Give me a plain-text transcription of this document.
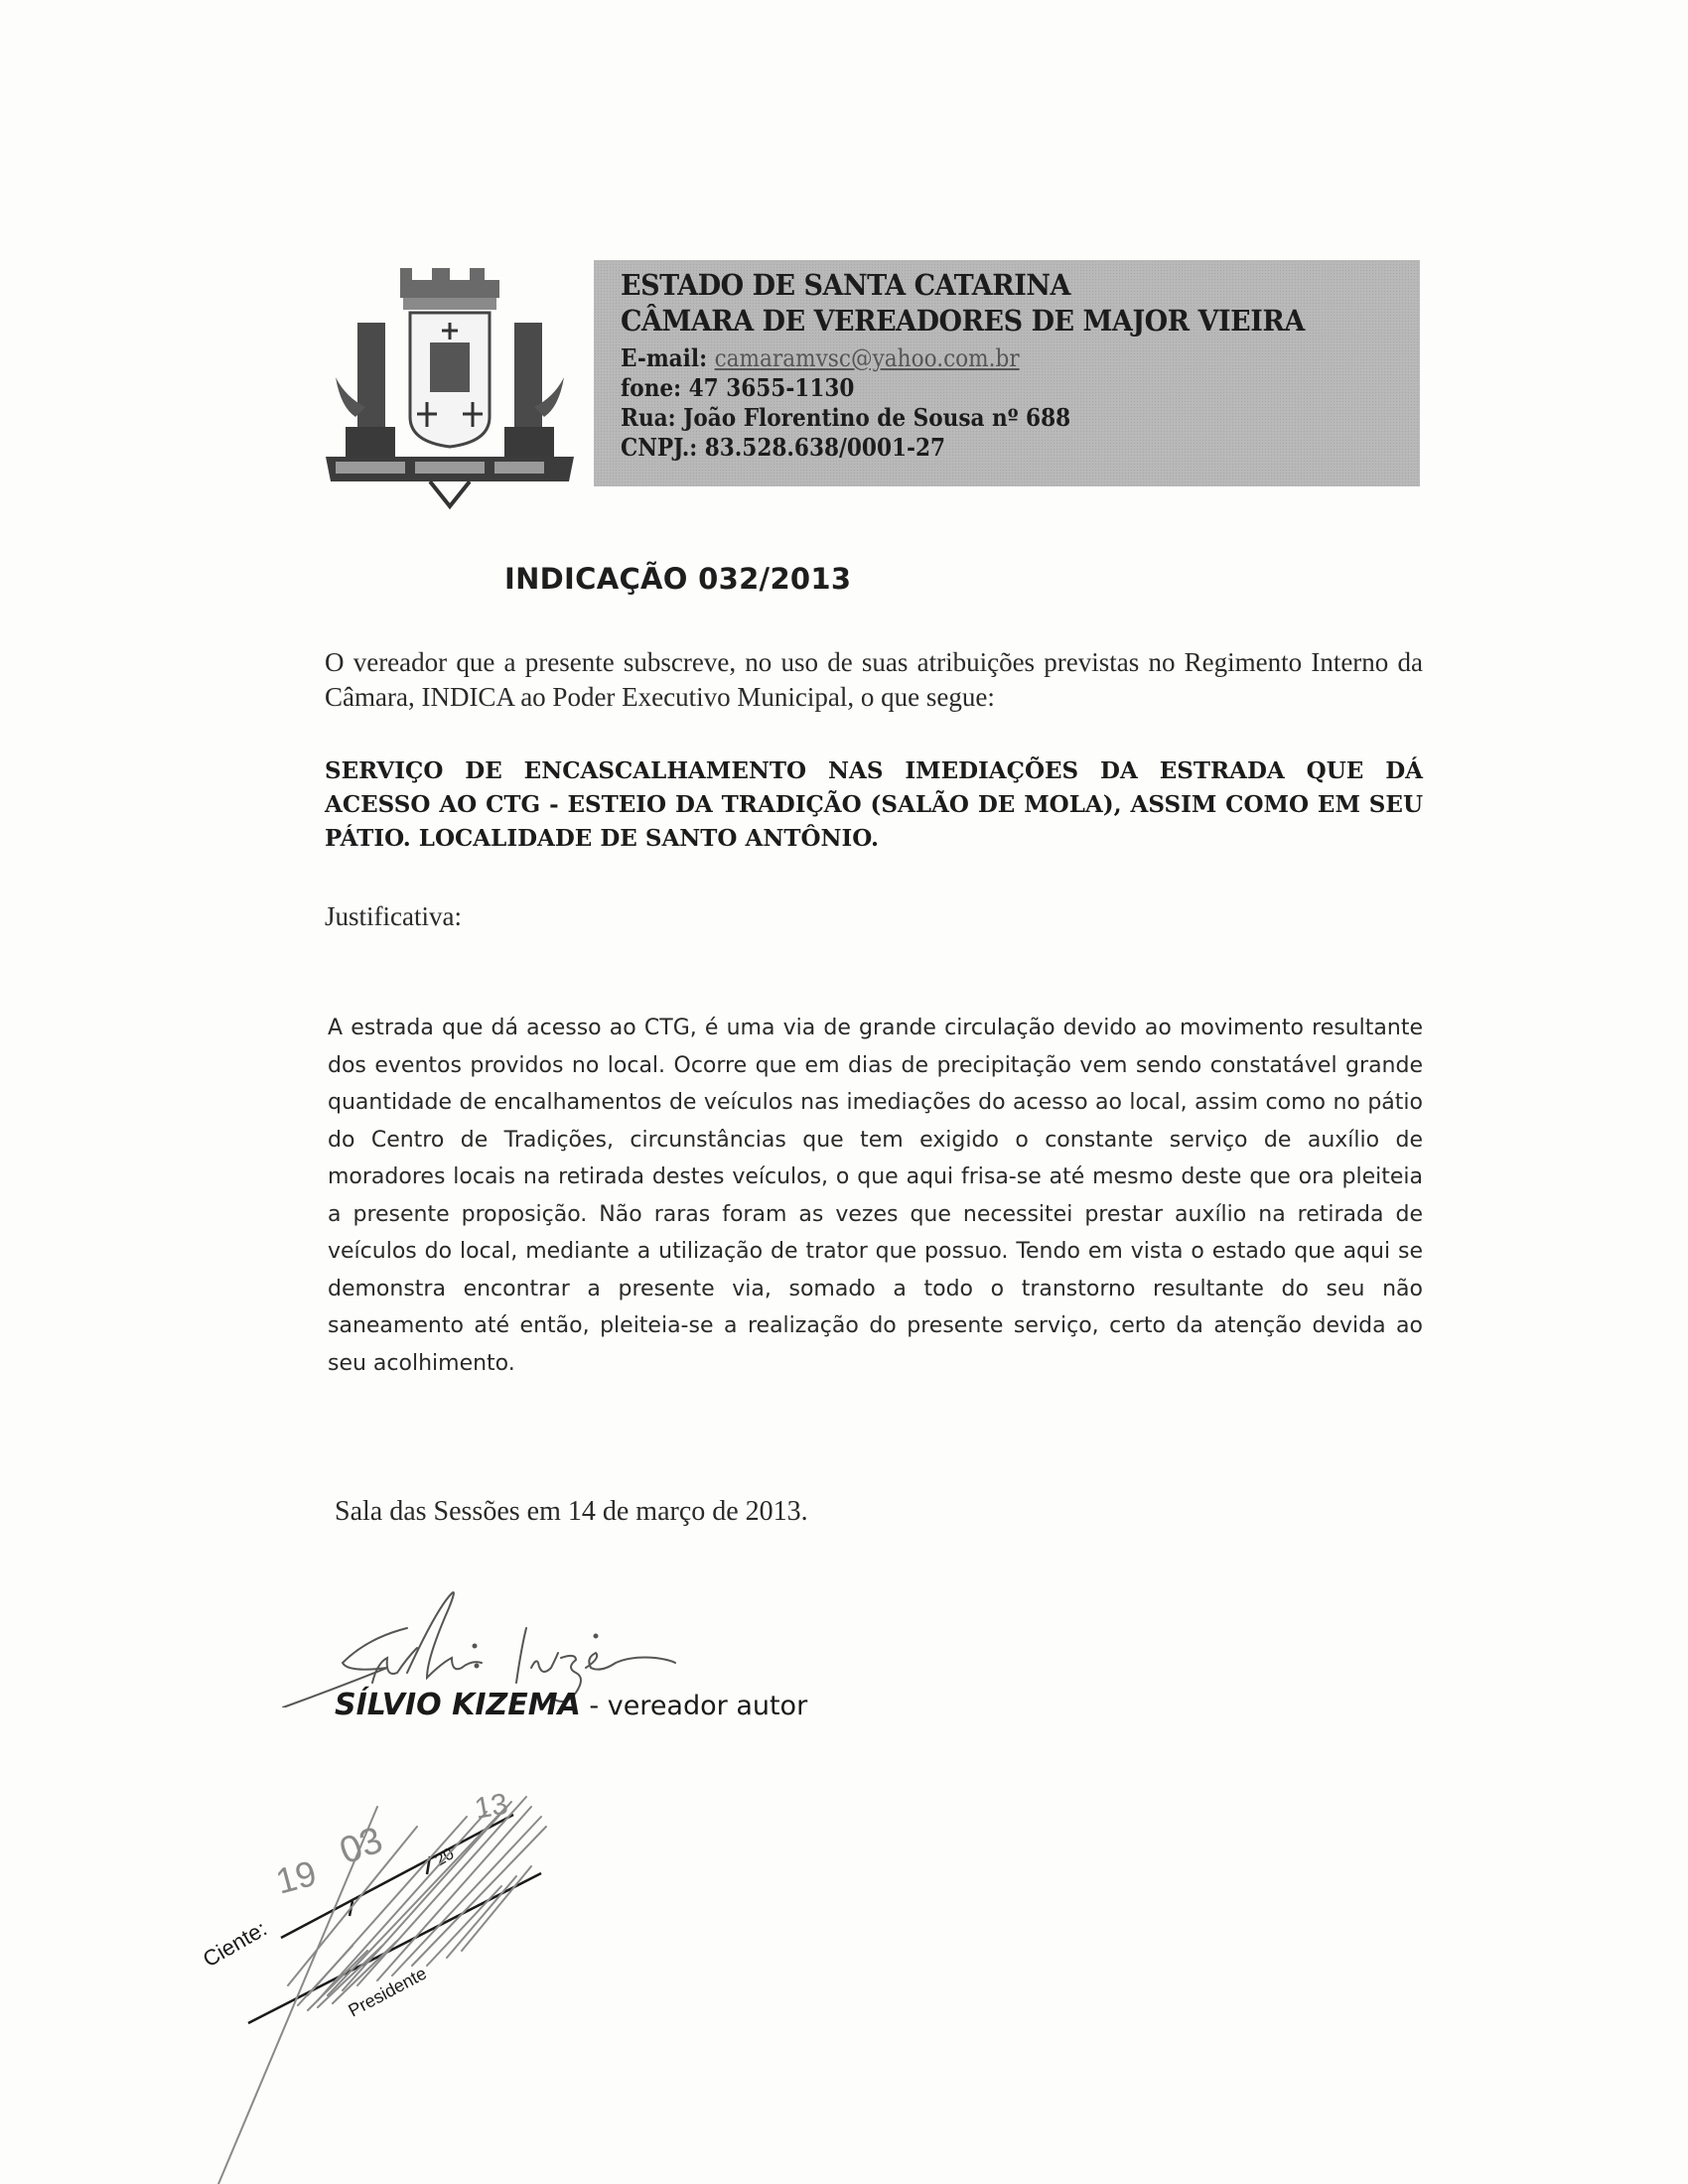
ESTADO DE SANTA CATARINA
CÂMARA DE VEREADORES DE MAJOR VIEIRA
E-mail: camaramvsc@yahoo.com.br
fone: 47 3655-1130
Rua: João Florentino de Sousa nº 688
CNPJ.: 83.528.638/0001-27
INDICAÇÃO 032/2013
O vereador que a presente subscreve, no uso de suas atribuições previstas no Regimento Interno da Câmara, INDICA ao Poder Executivo Municipal, o que segue:
SERVIÇO DE ENCASCALHAMENTO NAS IMEDIAÇÕES DA ESTRADA QUE DÁ ACESSO AO CTG - ESTEIO DA TRADIÇÃO (SALÃO DE MOLA), ASSIM COMO EM SEU PÁTIO. LOCALIDADE DE SANTO ANTÔNIO.
Justificativa:
A estrada que dá acesso ao CTG, é uma via de grande circulação devido ao movimento resultante dos eventos providos no local. Ocorre que em dias de precipitação vem sendo constatável grande quantidade de encalhamentos de veículos nas imediações do acesso ao local, assim como no pátio do Centro de Tradições, circunstâncias que tem exigido o constante serviço de auxílio de moradores locais na retirada destes veículos, o que aqui frisa-se até mesmo deste que ora pleiteia a presente proposição. Não raras foram as vezes que necessitei prestar auxílio na retirada de veículos do local, mediante a utilização de trator que possuo. Tendo em vista o estado que aqui se demonstra encontrar a presente via, somado a todo o transtorno resultante do seu não saneamento até então, pleiteia-se a realização do presente serviço, certo da atenção devida ao seu acolhimento.
Sala das Sessões em 14 de março de 2013.
SÍLVIO KIZEMA - vereador autor
Ciente:
20
Presidente
19
03
13
